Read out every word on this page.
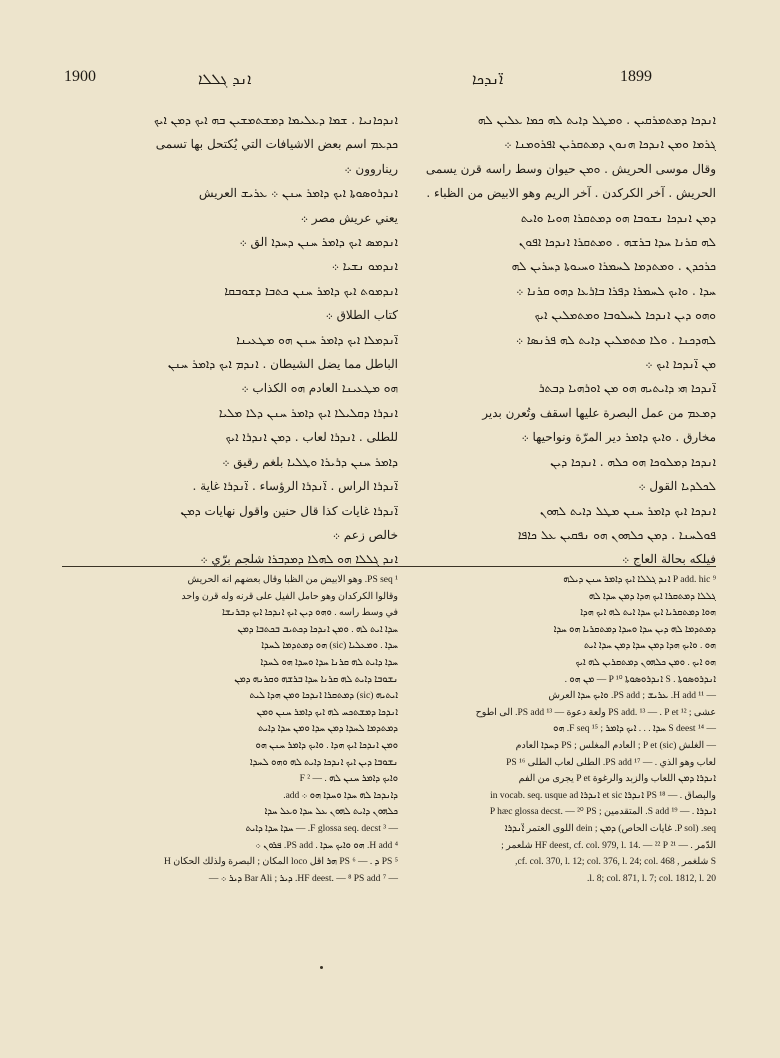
1900	ܐܢܕ ܓܠܠܐ	ܐ̈ܢܕܟܐ	1899

ܐܢܕܟܐܢܝܐ . ܫܡܐ ܕܥܠܝܡܐ ܕܡܫܬܡܫܝܢ ܒܗ ܐܝܟ ܕܡܢ ܐܝܟ

ܟܕܥܡ اسم بعض الاشيافات التي يُكتحل بها تسمى

ريناروون ܀

ܐܢܕܪܘܣܘܬܐ ܐܝܟ ܕܐܡܪ ܚܢܢ ܀ ܥܪܝܫ العريش

يعني عريش مصر ܀

ܐܢܕܡܣ ܐܝܟ ܕܐܡܪ ܚܢܢ ܕܚܕܐ الق ܀

ܐܢܕܡܘ ܢܫܝܐ ܀

ܐܢܕܡܘܬ ܐܝܟ ܕܐܡܪ ܚܢܢ ܟܬܒܐ ܕܫܘܒܩܐ

كتاب الطلاق ܀

ܐ̈ܢܕܡܠܐ ܐܝܟ ܕܐܡܪ ܚܢܢ ܗܘ ܡܛܥܝܢܐ

الباطل مما يضل الشيطان . ܐܢܕܡ ܐܝܟ ܕܐܡܪ ܚܢܢ

ܗܘ ܡܛܥܝܢܐ العادم ܗܘ الكذاب ܀

ܐܢܕܪܐ ܕܩܠܝܠܐ ܐܝܟ ܕܐܡܪ ܚܢܢ ܕܠܐ ܡܠܝܐ

للطلى . ܐܢܕܪܐ لعاب . ܕܡܢ ܐܢܕܪܐ ܐܝܟ

ܕܐܡܪ ܚܢܢ ܕܪܝܪܐ ܘܛܠܝܐ بلغم رقيق ܀

ܐ̈ܢܕܪܐ الراس . ܐ̈ܢܕܪܐ الرؤساء . ܐ̈ܢܕܪܐ غاية .

ܐ̈ܢܕܪܐ غايات كذا قال حنين واقول نهايات ܕܡܢ

خالص زعم ܀

ܐܢܕ ܓܠܠܐ ܗܘ ܠܗܠܐ ܕܡܕܒܪܐ شلجم برّي ܀

ܐܢܕܟܐ ܕܡܬܡܪܩܝܢ . ܘܡܛܠ ܕܐܝܬ ܠܗ ܟܡܐ ܥܠܝܢ ܠܗ

ܓܪܡܐ ܘܡܢ ܐܢܕܟܐ ܗܢܘܢ ܕܡܬܩܪܝܢ ܐܦܪܘܡܢܐ ܀

وقال موسى الحريش . ܘܡܢ حيوان وسط راسه قرن يسمى

الحريش . آخر الكركدن . آخر الريم وهو الابيض من الظباء .

ܕܡܢ ܐܢܕܟܐ ܢܫܘܒܐ ܗܘ ܕܡܬܩܪܐ ܗܘܝܐ ܘܐܝܬ

ܠܗ ܩܪܢܐ ܚܕܐ ܒܪܫܗ . ܘܡܬܩܪܐ ܐܢܕܟܐ ܐܦܘܢ

ܟܪܟܕܢ . ܘܡܬܕܡܐ ܠܚܡܪܐ ܘܚܝܘܬܐ ܕܚܪܝܢ ܠܗ

ܚܕܐ . ܘܐܝܟ ܠܚܡܪܐ ܕܦܪܐ ܒܐܪܥܐ ܕܗܘ ܩܪܢܐ ܀

ܘܗܘ ܕܝܢ ܐܢܕܟܐ ܠܚܠܘܒܐ ܘܡܬܡܠܝܢ ܐܝܟ

ܠܗܕܟܢܐ . ܘܠܐ ܡܬܡܠܝܢ ܕܐܝܬ ܠܗ ܦܪܢܣܐ ܀

ܡܢ ܐ̈ܢܕܟܐ ܐܝܟ ܀

ܐ̈ܢܕܟܐ ܗܝ ܕܐܝܬܝܗ ܗܘ ܡܢ ܐܘܪܗܝܐ ܕܒܬܪ

ܕܡܥܡ من عمل البصرة عليها اسقف وتُعرن بدير

مخارق . ܘܐܝܟ ܕܐܡܪ دير المرّة ونواحيها ܀

ܐܢܕܟܐ ܕܡܠܘܟܐ ܗܘ ܟܠܗ . ܐܢܕܟܐ ܕܝܢ

ܠܟܠܕܝܐ القول ܀

ܐܢܕܟܐ ܐܝܟ ܕܐܡܪ ܚܢܢ ܡܛܠ ܕܐܝܬ ܠܗܘܢ

ܦܘܠܚܢܐ . ܕܡܢ ܟܠܗܘܢ ܗܘ ܢܦܩܝܢ ܥܠ ܟܐܦܐ

فيلكه بحالة العاج ܀

¹ PS seq. وهو الابيض من الظبا وقال بعضهم انه الحريش

وقالوا الكركدان وهو حامل الفيل على قرنه وله قرن واحد

في وسط راسه . ܘܗܘ ܕܝܢ ܐܝܟ ܐܢܕܟܐ ܐܝܟ ܕܒܪܢܫܐ

ܚܕܐ ܐܝܬ ܠܗ . ܘܡܢ ܐܢܕܟܐ ܕܟܬܝܒ ܒܟܬܒܐ ܕܡܢ

ܚܕܐ . ܘܡܥܠܝܐ (sic) ܗܘ ܕܡܬܕܡܐ ܠܚܕܐ

ܚܕܐ ܕܐܝܬ ܠܗ ܩܪܢܐ ܚܕܐ ܘܚܕܐ ܗܘ ܠܚܕܐ

ܢܫܘܒܐ ܕܐܝܬ ܠܗ ܩܪܢܐ ܚܕܐ ܒܪܫܗ ܘܩܪܢܗ ܕܡܢ

ܐܝܬܝܗ (sic) ܕܡܬܩܪܐ ܐܢܕܟܐ ܘܡܢ ܗܕܐ ܠܝܬ

ܐܢܕܟܐ ܕܡܫܬܟܚ ܠܗ ܐܝܟ ܕܐܡܪ ܚܢܢ ܘܡܢ

ܕܡܬܕܡܐ ܠܚܕܐ ܕܡܢ ܚܕܐ ܘܡܢ ܚܕܐ ܕܐܝܬ

ܘܡܢ ܐܢܕܟܐ ܐܝܟ ܗܕܐ . ܘܐܝܟ ܕܐܡܪ ܚܢܢ ܗܘ

ܢܫܘܒܐ ܕܝܢ ܐܝܟ ܐܢܕܟܐ ܕܐܝܬ ܠܗ ܘܗܘ ܠܚܕܐ

ܘܐܝܟ ܕܐܡܪ ܚܢܢ ܠܗ . — ² F

ܕܐܢܕܟܐ ܠܗ ܚܕܐ ܘܚܕܐ ܗܘ ܀ add.

ܟܠܗܘܢ ܕܐܝܬ ܠܗܘܢ ܥܠ ܚܕܐ ܘܥܠ ܚܕܐ

— ³ F glossa seq. decst. — ܚܕܐ ܚܕܐ ܕܐܝܬ

⁴ H add. ܗܘ ܘܐܝܟ ܚܕܐ . PS add. ܦܪܘܢ ܀

⁵ PS ܕ . — ⁶ PS ܗܪ اقل loco المكان ; البصرة ولذلك الحكان H

— ⁷ HF deest. — ⁸ PS add. ܕܝܪ ; Bar Ali ܕܝܪ ܀ —

⁹ P add. hic ܐܢܕ ܓܠܠܐ ܐܝܟ ܕܐܡܪ ܚܢܢ ܕܝܠܗ

ܓܠܠܐ ܕܡܬܩܪܐ ܐܝܟ ܗܕܐ ܕܡܢ ܚܕܐ ܠܗ

ܗܘܐ ܕܡܬܩܪܝܐ ܐܝܟ ܚܕܐ ܐܝܬ ܠܗ ܐܝܟ ܗܕܐ

ܕܡܬܕܡܐ ܠܗ ܕܝܢ ܚܕܐ ܘܚܕܐ ܕܡܬܩܪܝܐ ܗܘ ܚܕܐ

ܗܘ . ܘܐܝܟ ܗܕܐ ܕܡܢ ܚܕܐ ܕܡܢ ܚܕܐ ܐܝܬ

ܗܘ ܐܝܟ . ܘܡܢ ܟܠܗܘܢ ܕܡܬܩܪܝܢ ܠܗ ܐܝܟ

ܐܢܕܪܘܣܘܬܐ . S ܐܢܕܪܘܣܘܬܐ P ¹⁰ — ܡܢ ܗܘ .

— ¹¹ H add. ܥܪܝܫ ; PS add. ܘܐܝܟ ܚܕܐ العرش

عشى ; ¹² PS add. ¹³ — . P et ولعة دعوة — ¹³ PS add. الى اطوح

— ¹⁴ S deest ܚܕܐ . . . ܐܝܟ ܕܐܡܪ ; ¹⁵ F seq. ܗܘ

— الغلش (sic) P et ; العادم المغلس ; PS ܕܚܕܐ العادم

لعاب وهو الذي . — ¹⁷ PS add. الطلى لعاب الطلى ¹⁶ PS

ܐܢܕܪܐ ܕܡܢ اللعاب والزبد والرغوة P et يجرى من الفم

والبصاق . — ¹⁸ PS ܐܢܕܪܐ et sic ܐܢܕܪܐ in vocab. seq. usque ad

ܐܢܕܪܐ . — ¹⁹ S add. المتقدمين ; P hæc glossa decst. — ²⁰ PS

seq. (P sol. غايات الحاص) ܕܡܢ ; dein اللوى العتمر ܐ̈ܢܕܪܐ

الدّمر . — ²¹ HF deest, cf. col. 979, l. 14. — ²² P شلعمر ;

S شلغمر , cf. col. 370, l. 12; col. 376, l. 24; col. 468,

l. 8; col. 871, l. 7; col. 1812, l. 20.
